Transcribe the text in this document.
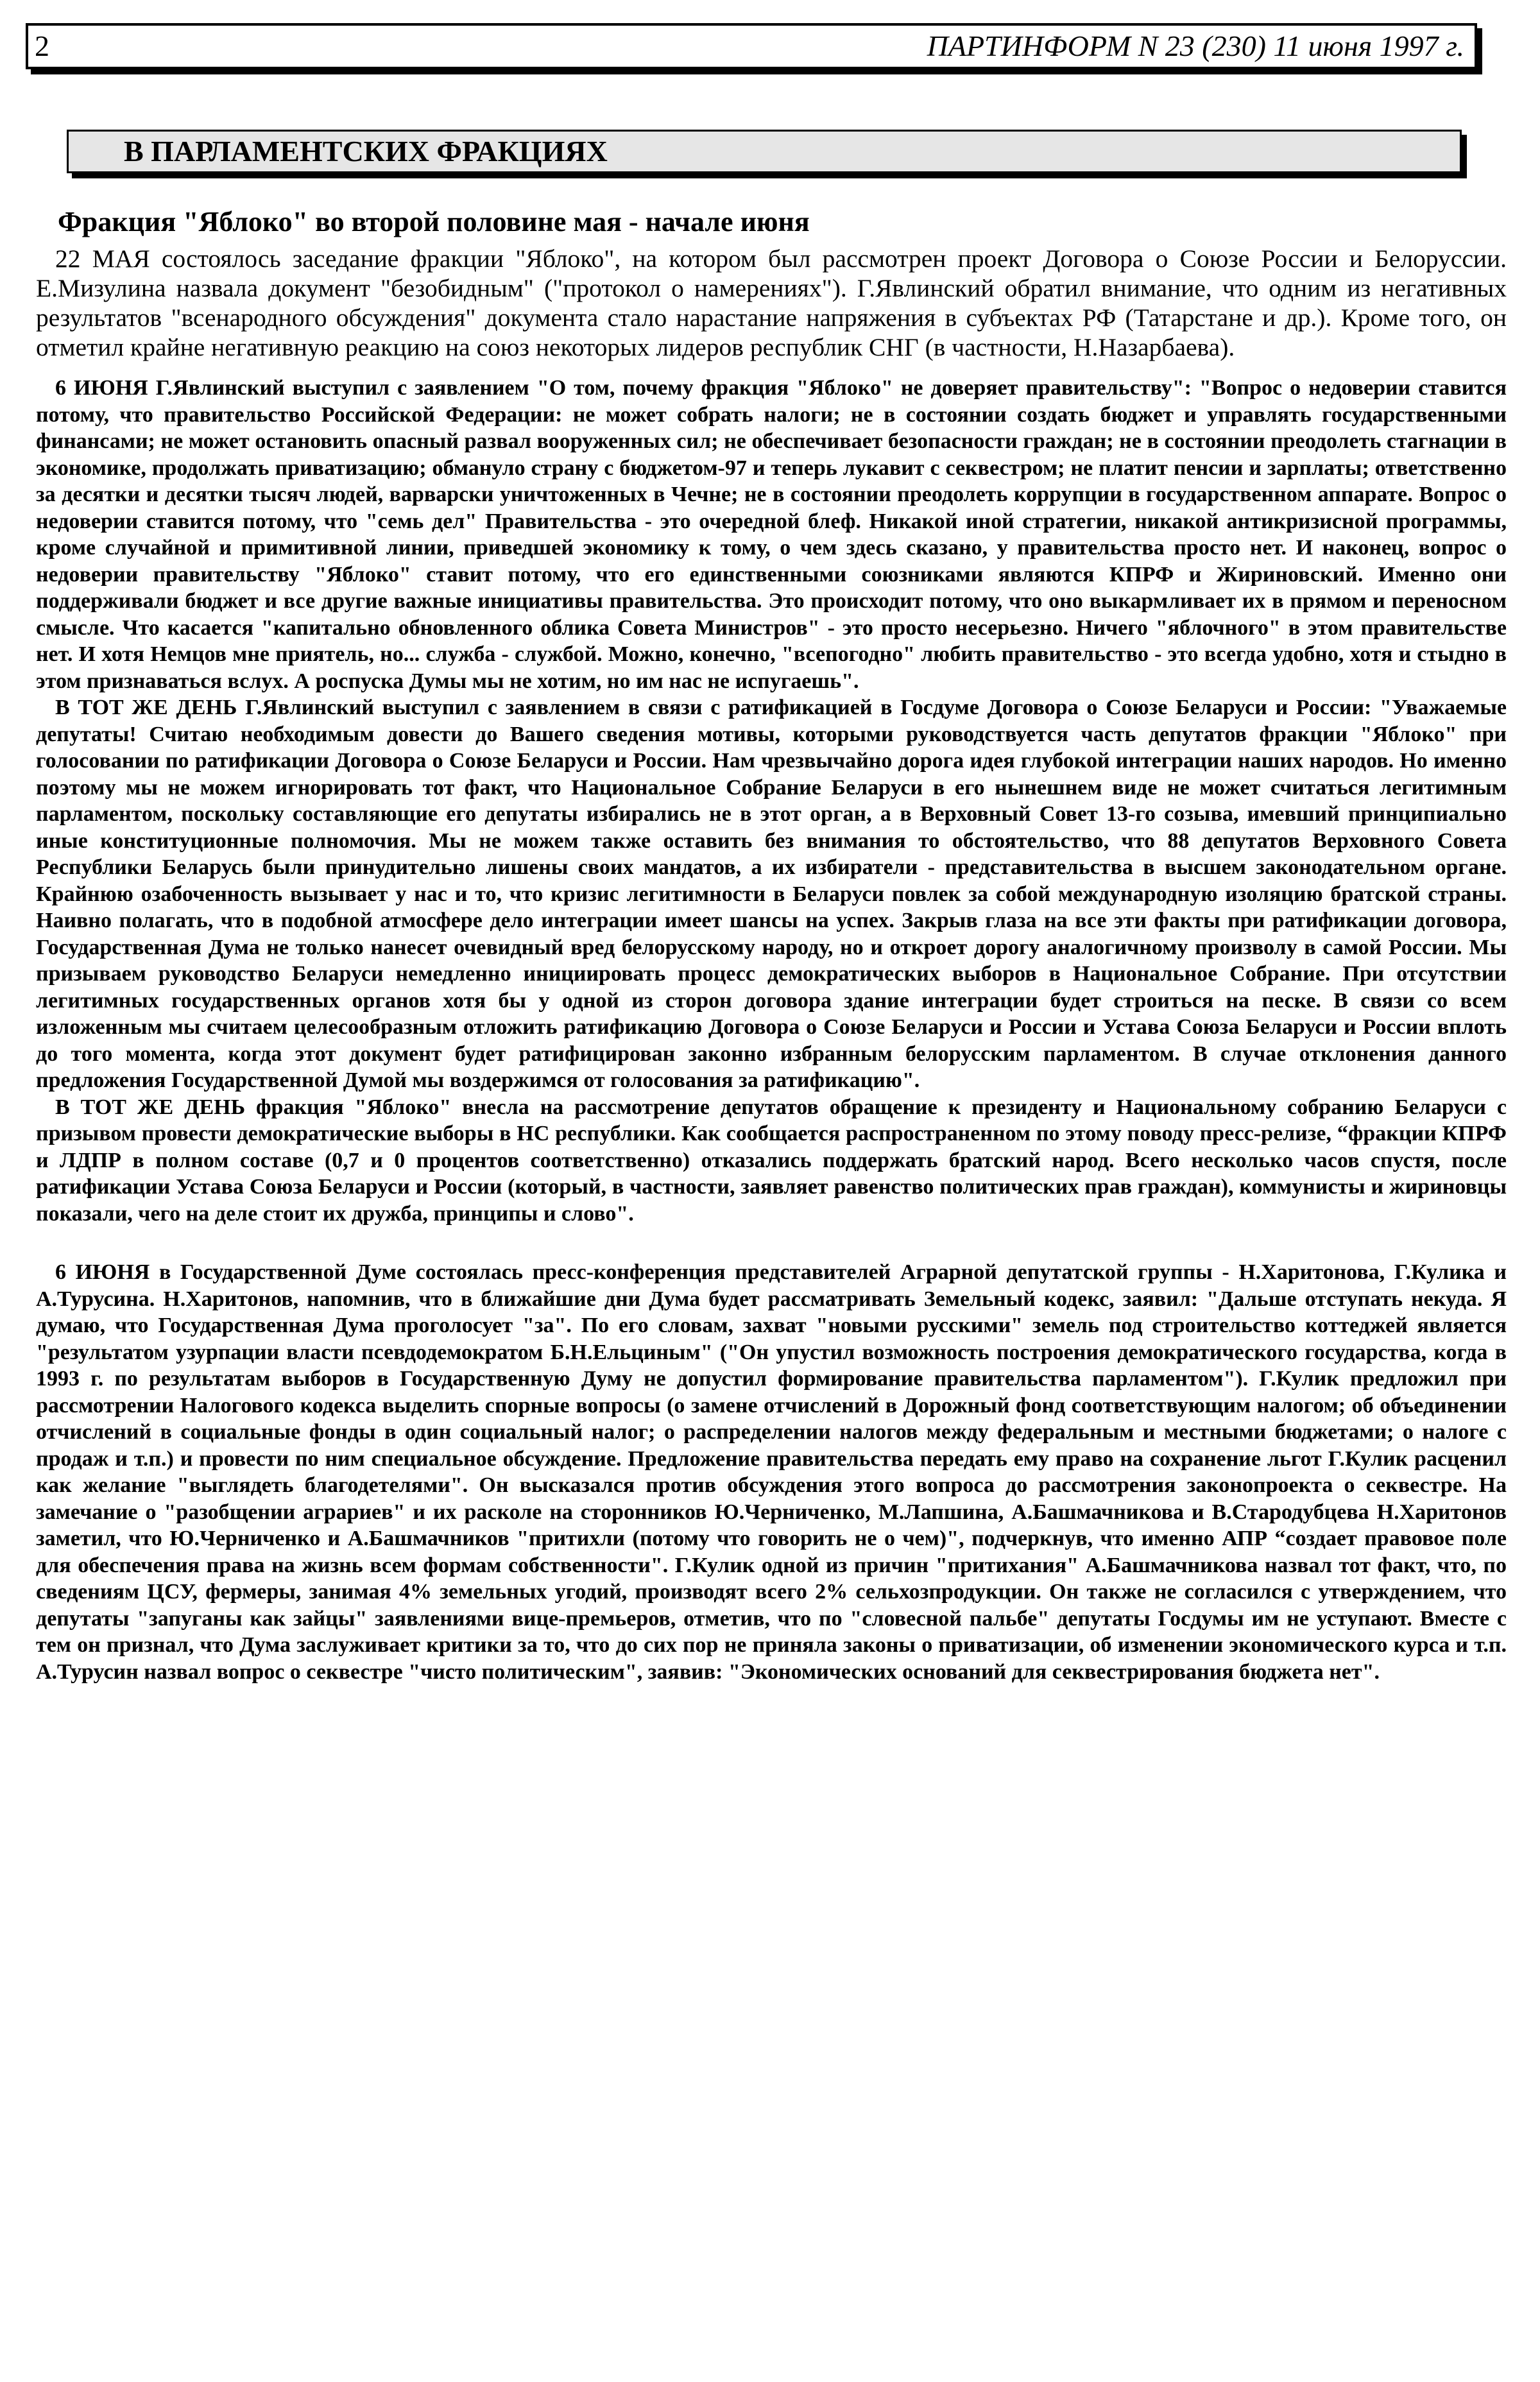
2	ПАРТИНФОРМ N 23 (230) 11 июня 1997 г.
В ПАРЛАМЕНТСКИХ ФРАКЦИЯХ
Фракция "Яблоко" во второй половине мая - начале июня

22 МАЯ состоялось заседание фракции "Яблоко", на котором был рассмотрен проект Договора о Союзе России и Белоруссии. Е.Мизулина назвала документ "безобидным" ("протокол о намерениях"). Г.Явлинский обратил внимание, что одним из негативных результатов "всенародного обсуждения" документа стало нарастание напряжения в субъектах РФ (Татарстане и др.). Кроме того, он отметил крайне негативную реакцию на союз некоторых лидеров республик СНГ (в частности, Н.Назарбаева).

6 ИЮНЯ Г.Явлинский выступил с заявлением "О том, почему фракция "Яблоко" не доверяет правительству": "Вопрос о недоверии ставится потому, что правительство Российской Федерации: не может собрать налоги; не в состоянии создать бюджет и управлять государственными финансами; не может остановить опасный развал вооруженных сил; не обеспечивает безопасности граждан; не в состоянии преодолеть стагнации в экономике, продолжать приватизацию; обмануло страну с бюджетом-97 и теперь лукавит с секвестром; не платит пенсии и зарплаты; ответственно за десятки и десятки тысяч людей, варварски уничтоженных в Чечне; не в состоянии преодолеть коррупции в государственном аппарате. Вопрос о недоверии ставится потому, что "семь дел" Правительства - это очередной блеф. Никакой иной стратегии, никакой антикризисной программы, кроме случайной и примитивной линии, приведшей экономику к тому, о чем здесь сказано, у правительства просто нет. И наконец, вопрос о недоверии правительству "Яблоко" ставит потому, что его единственными союзниками являются КПРФ и Жириновский. Именно они поддерживали бюджет и все другие важные инициативы правительства. Это происходит потому, что оно выкармливает их в прямом и переносном смысле. Что касается "капитально обновленного облика Совета Министров" - это просто несерьезно. Ничего "яблочного" в этом правительстве нет. И хотя Немцов мне приятель, но... служба - службой. Можно, конечно, "всепогодно" любить правительство - это всегда удобно, хотя и стыдно в этом признаваться вслух. А роспуска Думы мы не хотим, но им нас не испугаешь".

В ТОТ ЖЕ ДЕНЬ Г.Явлинский выступил с заявлением в связи с ратификацией в Госдуме Договора о Союзе Беларуси и России: "Уважаемые депутаты! Считаю необходимым довести до Вашего сведения мотивы, которыми руководствуется часть депутатов фракции "Яблоко" при голосовании по ратификации Договора о Союзе Беларуси и России. Нам чрезвычайно дорога идея глубокой интеграции наших народов. Но именно поэтому мы не можем игнорировать тот факт, что Национальное Собрание Беларуси в его нынешнем виде не может считаться легитимным парламентом, поскольку составляющие его депутаты избирались не в этот орган, а в Верховный Совет 13-го созыва, имевший принципиально иные конституционные полномочия. Мы не можем также оставить без внимания то обстоятельство, что 88 депутатов Верховного Совета Республики Беларусь были принудительно лишены своих мандатов, а их избиратели - представительства в высшем законодательном органе. Крайнюю озабоченность вызывает у нас и то, что кризис легитимности в Беларуси повлек за собой международную изоляцию братской страны. Наивно полагать, что в подобной атмосфере дело интеграции имеет шансы на успех. Закрыв глаза на все эти факты при ратификации договора, Государственная Дума не только нанесет очевидный вред белорусскому народу, но и откроет дорогу аналогичному произволу в самой России. Мы призываем руководство Беларуси немедленно инициировать процесс демократических выборов в Национальное Собрание. При отсутствии легитимных государственных органов хотя бы у одной из сторон договора здание интеграции будет строиться на песке. В связи со всем изложенным мы считаем целесообразным отложить ратификацию Договора о Союзе Беларуси и России и Устава Союза Беларуси и России вплоть до того момента, когда этот документ будет ратифицирован законно избранным белорусским парламентом. В случае отклонения данного предложения Государственной Думой мы воздержимся от голосования за ратификацию".

В ТОТ ЖЕ ДЕНЬ фракция "Яблоко" внесла на рассмотрение депутатов обращение к президенту и Национальному собранию Беларуси с призывом провести демократические выборы в НС республики. Как сообщается распространенном по этому поводу пресс-релизе, “фракции КПРФ и ЛДПР в полном составе (0,7 и 0 процентов соответственно) отказались поддержать братский народ. Всего несколько часов спустя, после ратификации Устава Союза Беларуси и России (который, в частности, заявляет равенство политических прав граждан), коммунисты и жириновцы показали, чего на деле стоит их дружба, принципы и слово".

6 ИЮНЯ в Государственной Думе состоялась пресс-конференция представителей Аграрной депутатской группы - Н.Харитонова, Г.Кулика и А.Турусина. Н.Харитонов, напомнив, что в ближайшие дни Дума будет рассматривать Земельный кодекс, заявил: "Дальше отступать некуда. Я думаю, что Государственная Дума проголосует "за". По его словам, захват "новыми русскими" земель под строительство коттеджей является "результатом узурпации власти псевдодемократом Б.Н.Ельциным" ("Он упустил возможность построения демократического государства, когда в 1993 г. по результатам выборов в Государственную Думу не допустил формирование правительства парламентом"). Г.Кулик предложил при рассмотрении Налогового кодекса выделить спорные вопросы (о замене отчислений в Дорожный фонд соответствующим налогом; об объединении отчислений в социальные фонды в один социальный налог; о распределении налогов между федеральным и местными бюджетами; о налоге с продаж и т.п.) и провести по ним специальное обсуждение. Предложение правительства передать ему право на сохранение льгот Г.Кулик расценил как желание "выглядеть благодетелями". Он высказался против обсуждения этого вопроса до рассмотрения законопроекта о секвестре. На замечание о "разобщении аграриев" и их расколе на сторонников Ю.Черниченко, М.Лапшина, А.Башмачникова и В.Стародубцева Н.Харитонов заметил, что Ю.Черниченко и А.Башмачников "притихли (потому что говорить не о чем)", подчеркнув, что именно АПР “создает правовое поле для обеспечения права на жизнь всем формам собственности". Г.Кулик одной из причин "притихания" А.Башмачникова назвал тот факт, что, по сведениям ЦСУ, фермеры, занимая 4% земельных угодий, производят всего 2% сельхозпродукции. Он также не согласился с утверждением, что депутаты "запуганы как зайцы" заявлениями вице-премьеров, отметив, что по "словесной пальбе" депутаты Госдумы им не уступают. Вместе с тем он признал, что Дума заслуживает критики за то, что до сих пор не приняла законы о приватизации, об изменении экономического курса и т.п. А.Турусин назвал вопрос о секвестре "чисто политическим", заявив: "Экономических оснований для секвестрирования бюджета нет".
